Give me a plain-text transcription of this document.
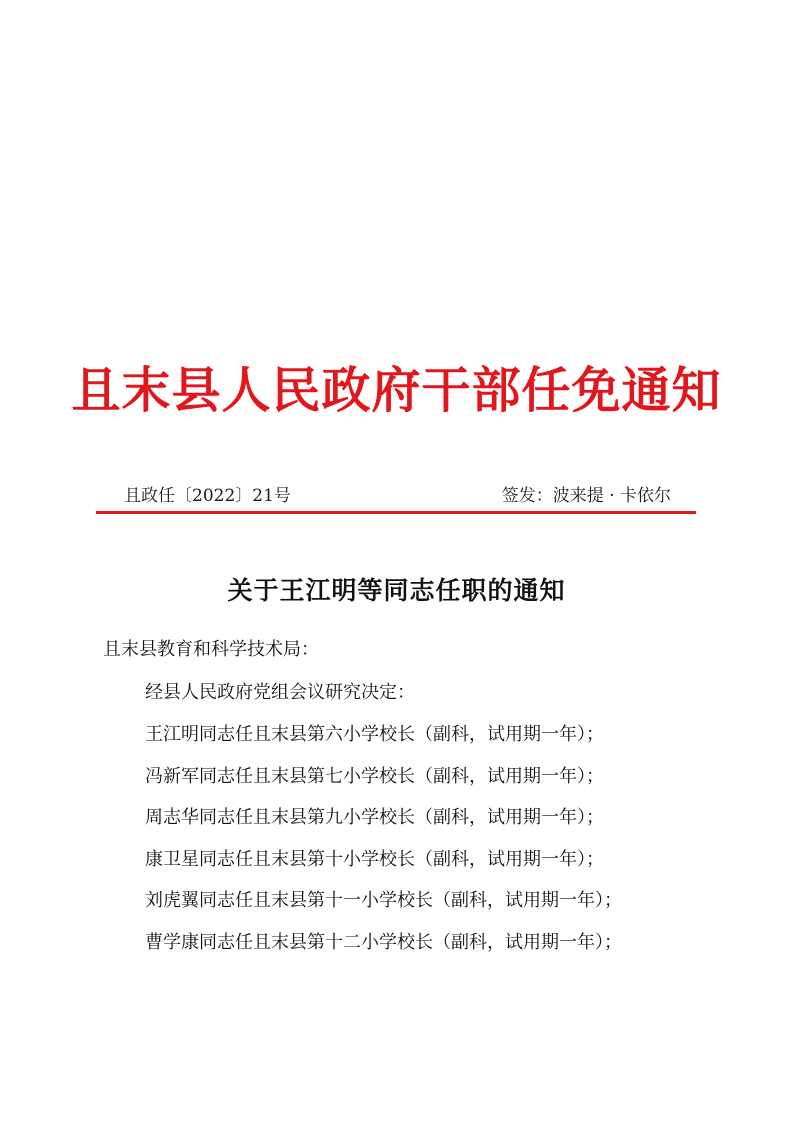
且末县人民政府干部任免通知
且政任〔2022〕21号	签发：波来提 · 卡依尔
关于王江明等同志任职的通知
且末县教育和科学技术局：
经县人民政府党组会议研究决定：
王江明同志任且末县第六小学校长（副科，试用期一年）；
冯新军同志任且末县第七小学校长（副科，试用期一年）；
周志华同志任且末县第九小学校长（副科，试用期一年）；
康卫星同志任且末县第十小学校长（副科，试用期一年）；
刘虎翼同志任且末县第十一小学校长（副科，试用期一年）；
曹学康同志任且末县第十二小学校长（副科，试用期一年）；
